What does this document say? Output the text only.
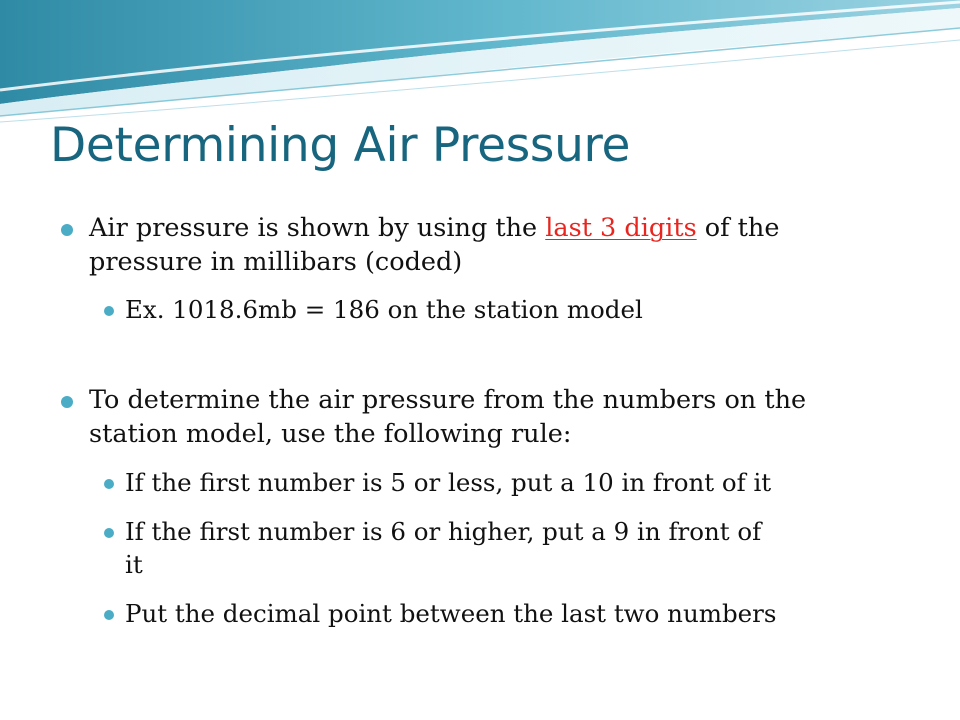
Determining Air Pressure
Air pressure is shown by using the last 3 digits of the
pressure in millibars (coded)
Ex. 1018.6mb = 186 on the station model
To determine the air pressure from the numbers on the
station model, use the following rule:
If the first number is 5 or less, put a 10 in front of it
If the first number is 6 or higher, put a 9 in front of
it
Put the decimal point between the last two numbers
